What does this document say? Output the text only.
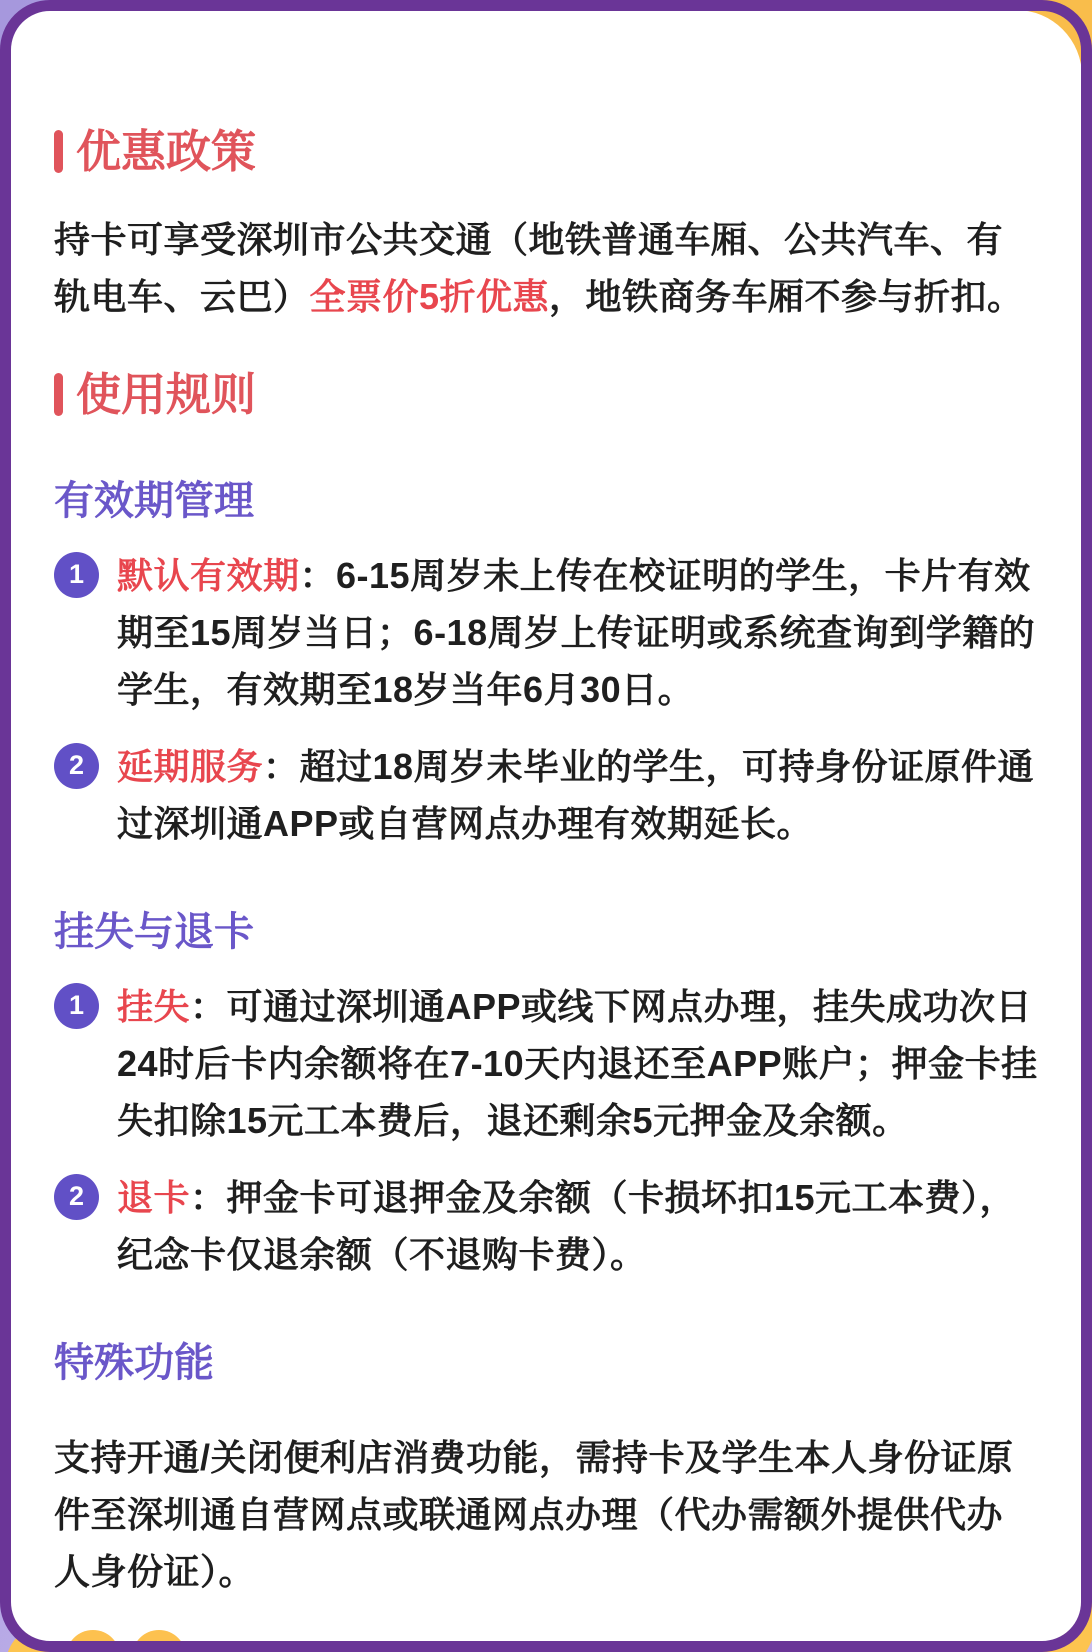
优惠政策

持卡可享受深圳市公共交通（地铁普通车厢、公共汽车、有轨电车、云巴）全票价5折优惠，地铁商务车厢不参与折扣。

使用规则
有效期管理
1 默认有效期：6-15周岁未上传在校证明的学生，卡片有效期至15周岁当日；6-18周岁上传证明或系统查询到学籍的学生，有效期至18岁当年6月30日。

2 延期服务：超过18周岁未毕业的学生，可持身份证原件通过深圳通APP或自营网点办理有效期延长。

挂失与退卡
1 挂失：可通过深圳通APP或线下网点办理，挂失成功次日24时后卡内余额将在7-10天内退还至APP账户；押金卡挂失扣除15元工本费后，退还剩余5元押金及余额。

2 退卡：押金卡可退押金及余额（卡损坏扣15元工本费），纪念卡仅退余额（不退购卡费）。

特殊功能

支持开通/关闭便利店消费功能，需持卡及学生本人身份证原件至深圳通自营网点或联通网点办理（代办需额外提供代办人身份证）。
